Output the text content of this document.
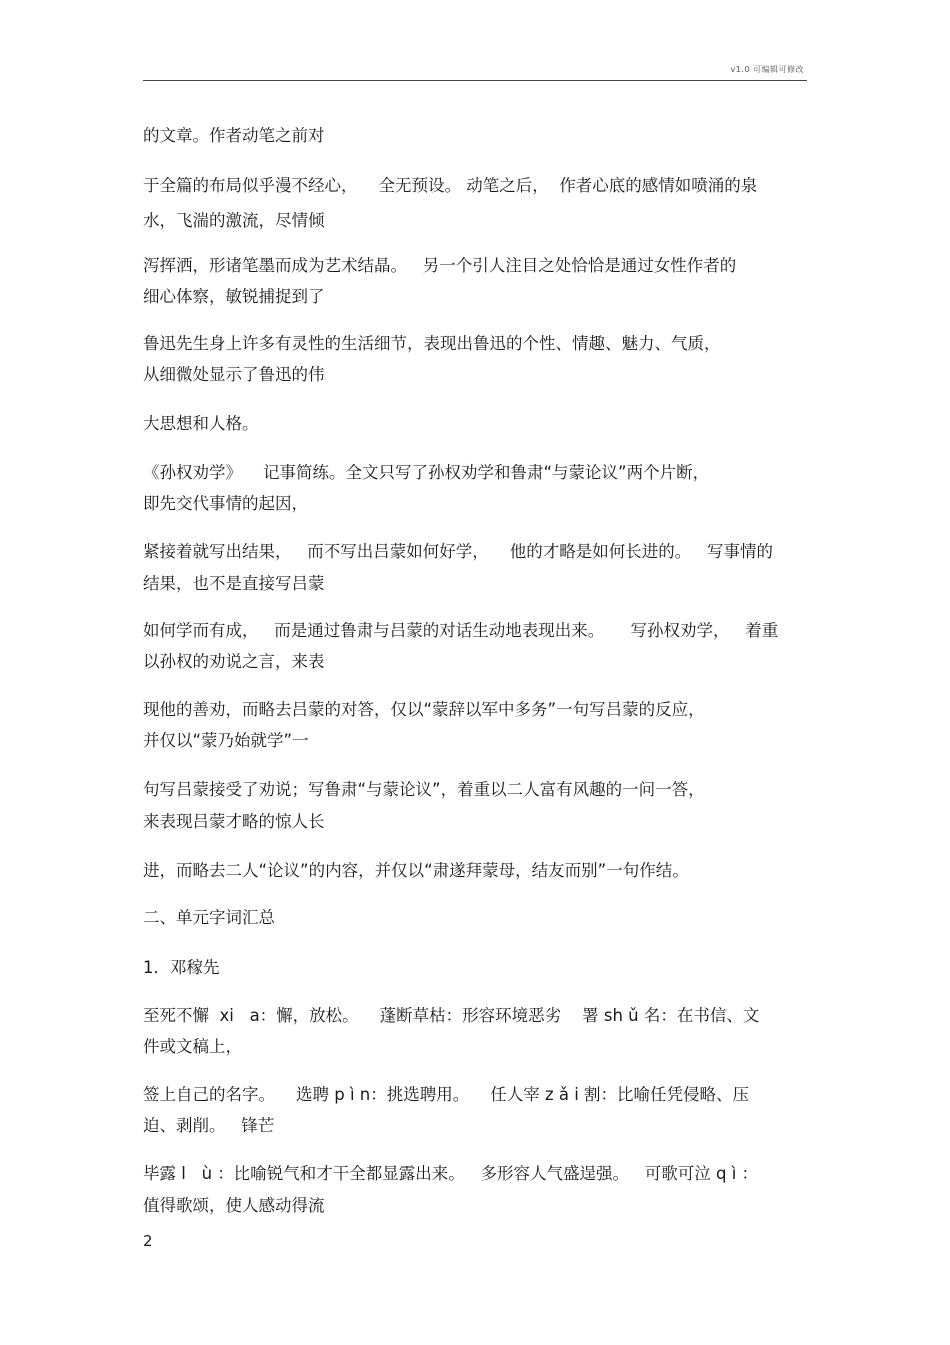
v1.0 可编辑可修改
的文章。作者动笔之前对
于全篇的布局似乎漫不经心，    全无预设。 动笔之后，  作者心底的感情如喷涌的泉
水，飞湍的激流，尽情倾
泻挥洒，形诸笔墨而成为艺术结晶。   另一个引人注目之处恰恰是通过女性作者的
细心体察，敏锐捕捉到了
鲁迅先生身上许多有灵性的生活细节，表现出鲁迅的个性、情趣、魅力、气质，
从细微处显示了鲁迅的伟
大思想和人格。
《孙权劝学》    记事简练。全文只写了孙权劝学和鲁肃“与蒙论议”两个片断，
即先交代事情的起因，
紧接着就写出结果，   而不写出吕蒙如何好学，    他的才略是如何长进的。   写事情的
结果，也不是直接写吕蒙
如何学而有成，   而是通过鲁肃与吕蒙的对话生动地表现出来。     写孙权劝学，   着重
以孙权的劝说之言，来表
现他的善劝，而略去吕蒙的对答，仅以“蒙辞以军中多务”一句写吕蒙的反应，
并仅以“蒙乃始就学”一
句写吕蒙接受了劝说；写鲁肃“与蒙论议”，着重以二人富有风趣的一问一答，
来表现吕蒙才略的惊人长
进，而略去二人“论议”的内容，并仅以“肃遂拜蒙母，结友而别”一句作结。
二、单元字词汇总
1．邓稼先
至死不懈  xi   a：懈，放松。    蓬断草枯：形容环境恶劣    署 sh ǔ 名：在书信、文
件或文稿上，
签上自己的名字。    选聘 p ì n：挑选聘用。    任人宰 z ǎ i 割：比喻任凭侵略、压
迫、剥削。   锋芒
毕露 l   ù ：比喻锐气和才干全都显露出来。   多形容人气盛逞强。   可歌可泣 q ì ：
值得歌颂，使人感动得流
2
